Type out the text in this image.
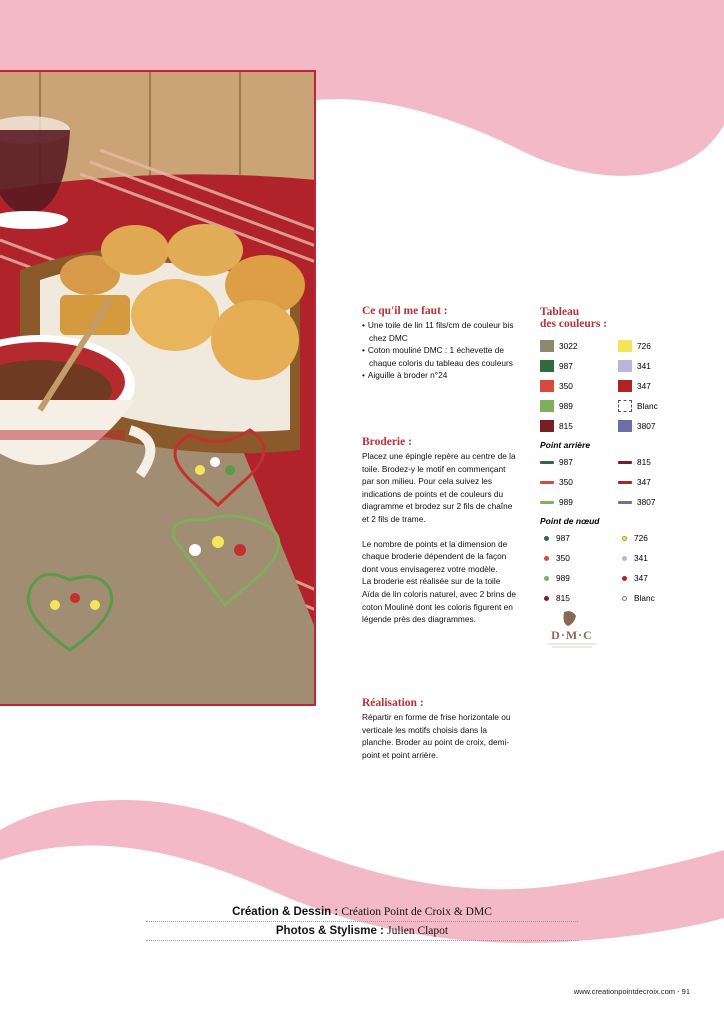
Ce qu'il me faut :
• Une toile de lin 11 fils/cm de couleur bis chez DMC
• Coton mouliné DMC : 1 échevette de chaque coloris du tableau des couleurs
• Aiguille à broder n°24
Broderie :

Placez une épingle repère au centre de la toile. Brodez-y le motif en commençant par son milieu. Pour cela suivez les indications de points et de couleurs du diagramme et brodez sur 2 fils de chaîne et 2 fils de trame.

Le nombre de points et la dimension de chaque broderie dépendent de la façon dont vous envisagerez votre modèle.

La broderie est réalisée sur de la toile Aïda de lin coloris naturel, avec 2 brins de coton Mouliné dont les coloris figurent en légende près des diagrammes.

Réalisation :
Répartir en forme de frise horizontale ou verticale les motifs choisis dans la planche. Broder au point de croix, demi-point et point arrière.
Tableau
des couleurs :
3022	726
987	341
350	347
989	Blanc
815	3807
Point arrière
987	815
350	347
989	3807
Point de nœud
987	726
350	341
989	347
815	Blanc
D·M·C
Création & Dessin : Création Point de Croix & DMC
Photos & Stylisme : Julien Clapot
www.creationpointdecroix.com - 91
